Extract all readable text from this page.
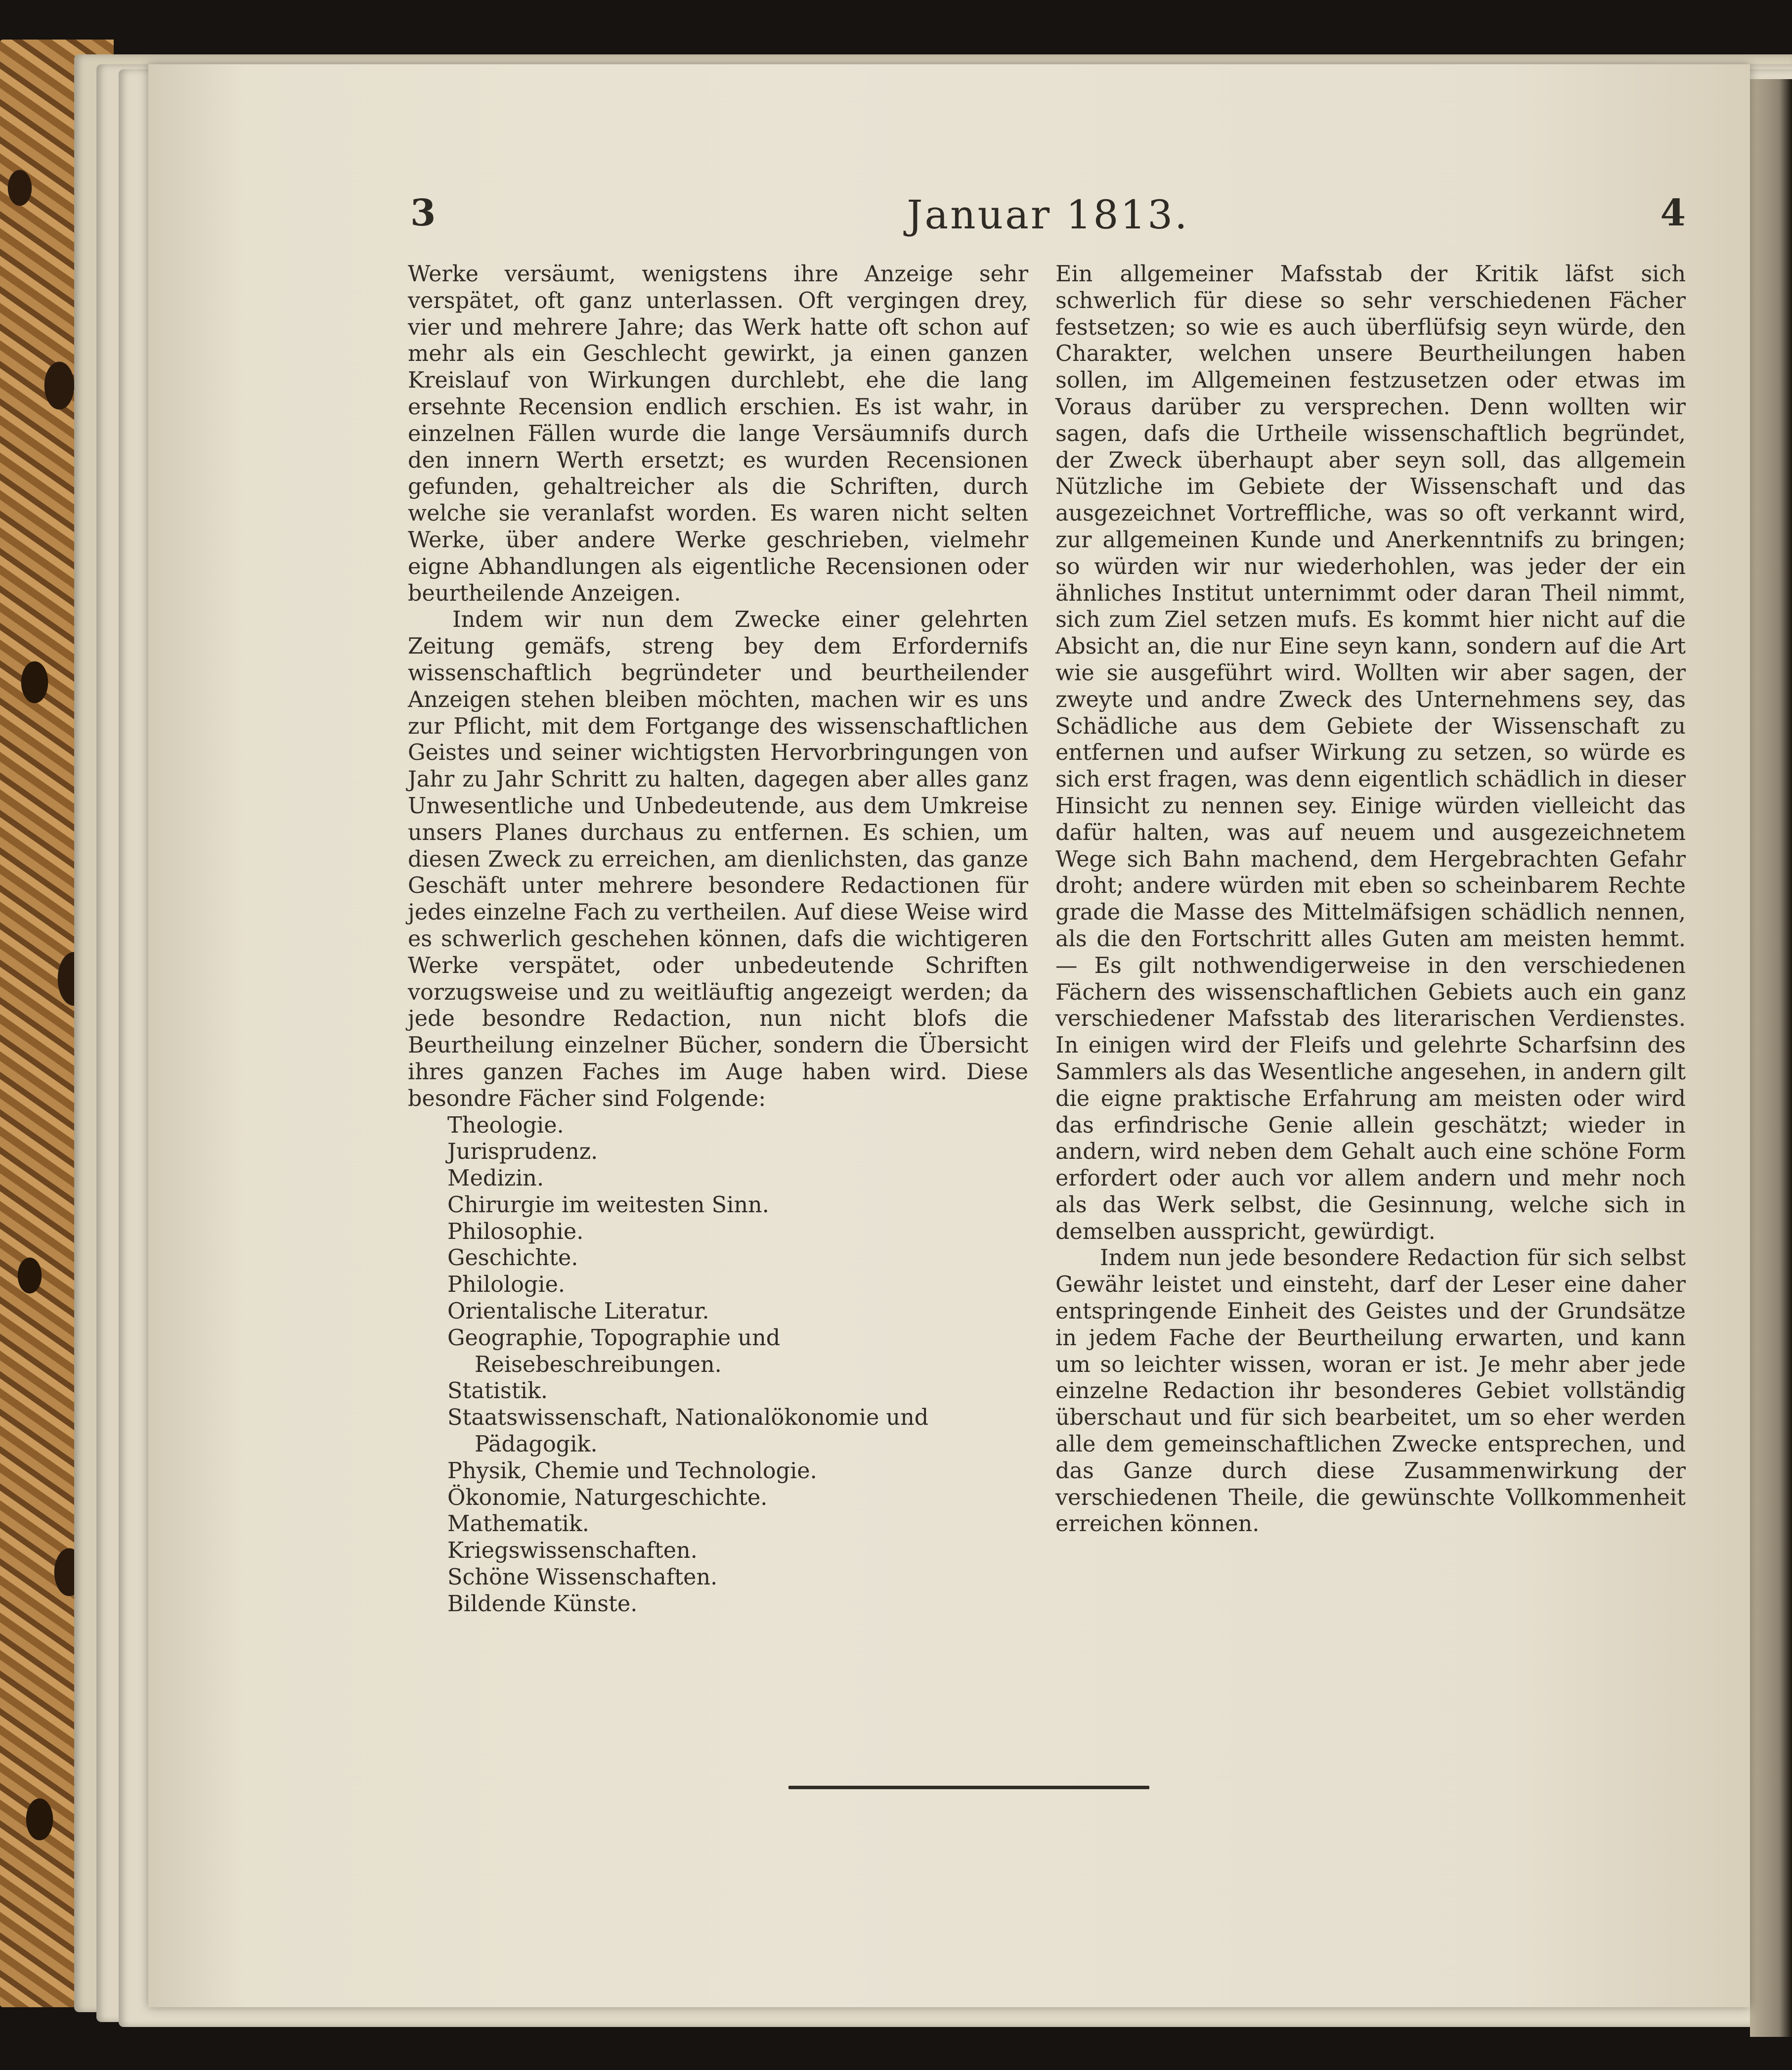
3	Januar 1813.	4

Werke versäumt, wenigstens ihre Anzeige sehr verspätet, oft ganz unterlassen. Oft vergingen drey, vier und mehrere Jahre; das Werk hatte oft schon auf mehr als ein Geschlecht gewirkt, ja einen ganzen Kreislauf von Wirkungen durchlebt, ehe die lang ersehnte Recension endlich erschien. Es ist wahr, in einzelnen Fällen wurde die lange Versäumnifs durch den innern Werth ersetzt; es wurden Recensionen gefunden, gehaltreicher als die Schriften, durch welche sie veranlafst worden. Es waren nicht selten Werke, über andere Werke geschrieben, vielmehr eigne Abhandlungen als eigentliche Recensionen oder beurtheilende Anzeigen.

Indem wir nun dem Zwecke einer gelehrten Zeitung gemäfs, streng bey dem Erfordernifs wissenschaftlich begründeter und beurtheilender Anzeigen stehen bleiben möchten, machen wir es uns zur Pflicht, mit dem Fortgange des wissenschaftlichen Geistes und seiner wichtigsten Hervorbringungen von Jahr zu Jahr Schritt zu halten, dagegen aber alles ganz Unwesentliche und Unbedeutende, aus dem Umkreise unsers Planes durchaus zu entfernen. Es schien, um diesen Zweck zu erreichen, am dienlichsten, das ganze Geschäft unter mehrere besondere Redactionen für jedes einzelne Fach zu vertheilen. Auf diese Weise wird es schwerlich geschehen können, dafs die wichtigeren Werke verspätet, oder unbedeutende Schriften vorzugsweise und zu weitläuftig angezeigt werden; da jede besondre Redaction, nun nicht blofs die Beurtheilung einzelner Bücher, sondern die Übersicht ihres ganzen Faches im Auge haben wird. Diese besondre Fächer sind Folgende:

Theologie.
Jurisprudenz.
Medizin.
Chirurgie im weitesten Sinn.
Philosophie.
Geschichte.
Philologie.
Orientalische Literatur.
Geographie, Topographie und Reisebeschreibungen.
Statistik.
Staatswissenschaft, Nationalökonomie und Pädagogik.
Physik, Chemie und Technologie.
Ökonomie, Naturgeschichte.
Mathematik.
Kriegswissenschaften.
Schöne Wissenschaften.
Bildende Künste.

Ein allgemeiner Mafsstab der Kritik läfst sich schwerlich für diese so sehr verschiedenen Fächer festsetzen; so wie es auch überflüfsig seyn würde, den Charakter, welchen unsere Beurtheilungen haben sollen, im Allgemeinen festzusetzen oder etwas im Voraus darüber zu versprechen. Denn wollten wir sagen, dafs die Urtheile wissenschaftlich begründet, der Zweck überhaupt aber seyn soll, das allgemein Nützliche im Gebiete der Wissenschaft und das ausgezeichnet Vortreffliche, was so oft verkannt wird, zur allgemeinen Kunde und Anerkenntnifs zu bringen; so würden wir nur wiederhohlen, was jeder der ein ähnliches Institut unternimmt oder daran Theil nimmt, sich zum Ziel setzen mufs. Es kommt hier nicht auf die Absicht an, die nur Eine seyn kann, sondern auf die Art wie sie ausgeführt wird. Wollten wir aber sagen, der zweyte und andre Zweck des Unternehmens sey, das Schädliche aus dem Gebiete der Wissenschaft zu entfernen und aufser Wirkung zu setzen, so würde es sich erst fragen, was denn eigentlich schädlich in dieser Hinsicht zu nennen sey. Einige würden vielleicht das dafür halten, was auf neuem und ausgezeichnetem Wege sich Bahn machend, dem Hergebrachten Gefahr droht; andere würden mit eben so scheinbarem Rechte grade die Masse des Mittelmäfsigen schädlich nennen, als die den Fortschritt alles Guten am meisten hemmt.— Es gilt nothwendigerweise in den verschiedenen Fächern des wissenschaftlichen Gebiets auch ein ganz verschiedener Mafsstab des literarischen Verdienstes. In einigen wird der Fleifs und gelehrte Scharfsinn des Sammlers als das Wesentliche angesehen, in andern gilt die eigne praktische Erfahrung am meisten oder wird das erfindrische Genie allein geschätzt; wieder in andern, wird neben dem Gehalt auch eine schöne Form erfordert oder auch vor allem andern und mehr noch als das Werk selbst, die Gesinnung, welche sich in demselben ausspricht, gewürdigt.

Indem nun jede besondere Redaction für sich selbst Gewähr leistet und einsteht, darf der Leser eine daher entspringende Einheit des Geistes und der Grundsätze in jedem Fache der Beurtheilung erwarten, und kann um so leichter wissen, woran er ist. Je mehr aber jede einzelne Redaction ihr besonderes Gebiet vollständig überschaut und für sich bearbeitet, um so eher werden alle dem gemeinschaftlichen Zwecke entsprechen, und das Ganze durch diese Zusammenwirkung der verschiedenen Theile, die gewünschte Vollkommenheit erreichen können.
